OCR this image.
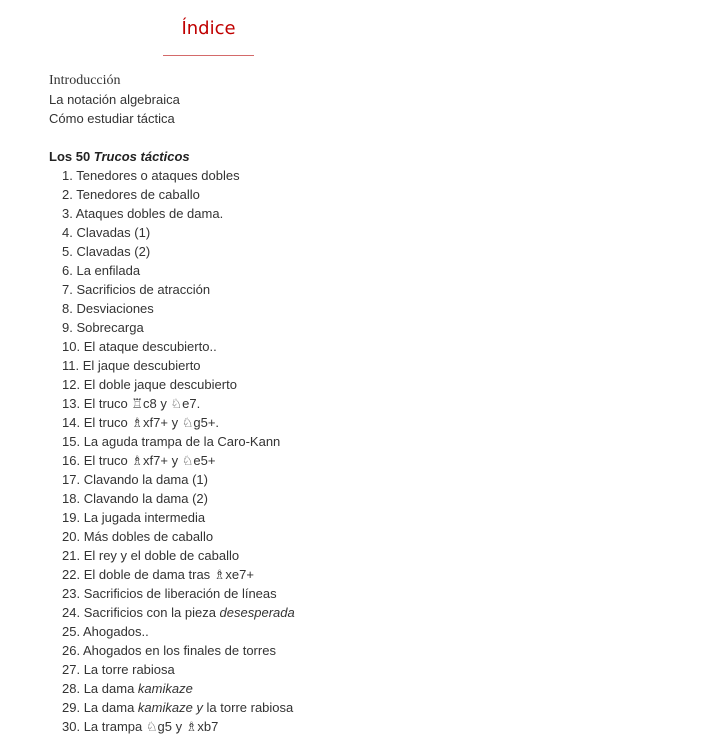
Índice
Introducción
La notación algebraica
Cómo estudiar táctica
Los 50 Trucos tácticos
1. Tenedores o ataques dobles
2. Tenedores de caballo
3. Ataques dobles de dama.
4. Clavadas (1)
5. Clavadas (2)
6. La enfilada
7. Sacrificios de atracción
8. Desviaciones
9. Sobrecarga
10. El ataque descubierto..
11. El jaque descubierto
12. El doble jaque descubierto
13. El truco ♖c8 y ♘e7.
14. El truco ♗xf7+ y ♘g5+.
15. La aguda trampa de la Caro-Kann
16. El truco ♗xf7+ y ♘e5+
17. Clavando la dama (1)
18. Clavando la dama (2)
19. La jugada intermedia
20. Más dobles de caballo
21. El rey y el doble de caballo
22. El doble de dama tras ♗xe7+
23. Sacrificios de liberación de líneas
24. Sacrificios con la pieza desesperada
25. Ahogados..
26. Ahogados en los finales de torres
27. La torre rabiosa
28. La dama kamikaze
29. La dama kamikaze y la torre rabiosa
30. La trampa ♘g5 y ♗xb7
